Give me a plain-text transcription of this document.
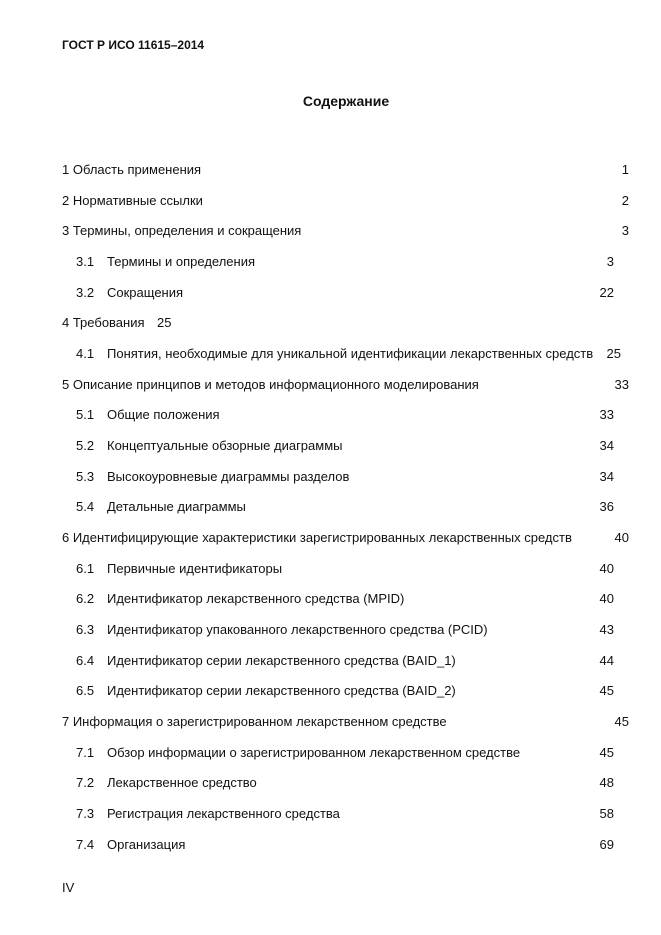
ГОСТ Р ИСО 11615–2014
Содержание
1 Область применения	1
2 Нормативные ссылки	2
3 Термины, определения и сокращения	3
3.1 Термины и определения	3
3.2 Сокращения	22
4 Требования 25
4.1 Понятия, необходимые для уникальной идентификации лекарственных средств 25
5 Описание принципов и методов информационного моделирования	33
5.1 Общие положения	33
5.2 Концептуальные обзорные диаграммы	34
5.3 Высокоуровневые диаграммы разделов	34
5.4 Детальные диаграммы	36
6 Идентифицирующие характеристики зарегистрированных лекарственных средств	40
6.1 Первичные идентификаторы	40
6.2 Идентификатор лекарственного средства (MPID)	40
6.3 Идентификатор упакованного лекарственного средства (PCID)	43
6.4 Идентификатор серии лекарственного средства (BAID_1)	44
6.5 Идентификатор серии лекарственного средства (BAID_2)	45
7 Информация о зарегистрированном лекарственном средстве	45
7.1 Обзор информации о зарегистрированном лекарственном средстве	45
7.2 Лекарственное средство	48
7.3 Регистрация лекарственного средства	58
7.4 Организация	69
IV
